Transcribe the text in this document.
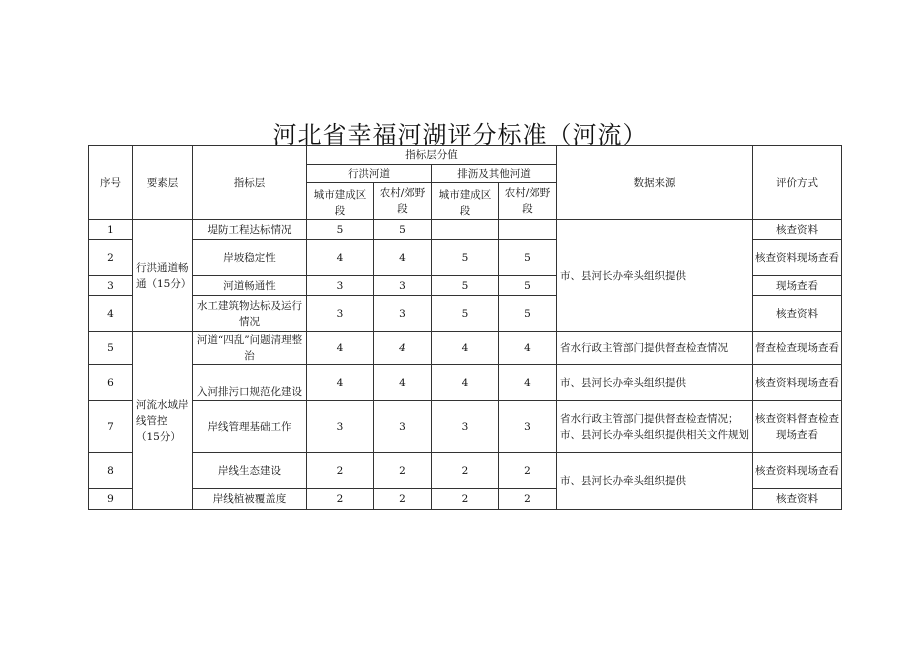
河北省幸福河湖评分标准（河流）
序号	要素层	指标层	指标层分值				数据来源	评价方式
			行洪河道		排沥及其他河道			
			城市建成区段	农村/郊野段	城市建成区段	农村/郊野段		
1	行洪通道畅通（15分）	堤防工程达标情况	5	5			市、县河长办牵头组织提供	核查资料
2		岸坡稳定性	4	4	5	5		核查资料现场查看
3		河道畅通性	3	3	5	5		现场查看
4		水工建筑物达标及运行情况	3	3	5	5		核查资料
5	河流水域岸线管控（15分）	河道“四乱”问题清理整治	4	4	4	4	省水行政主管部门提供督查检查情况	督查检查现场查看
6		入河排污口规范化建设	4	4	4	4	市、县河长办牵头组织提供	核查资料现场查看
7		岸线管理基础工作	3	3	3	3	省水行政主管部门提供督查检查情况；市、县河长办牵头组织提供相关文件规划	核查资料督查检查现场查看
8		岸线生态建设	2	2	2	2	市、县河长办牵头组织提供	核查资料现场查看
9		岸线植被覆盖度	2	2	2	2		核查资料
